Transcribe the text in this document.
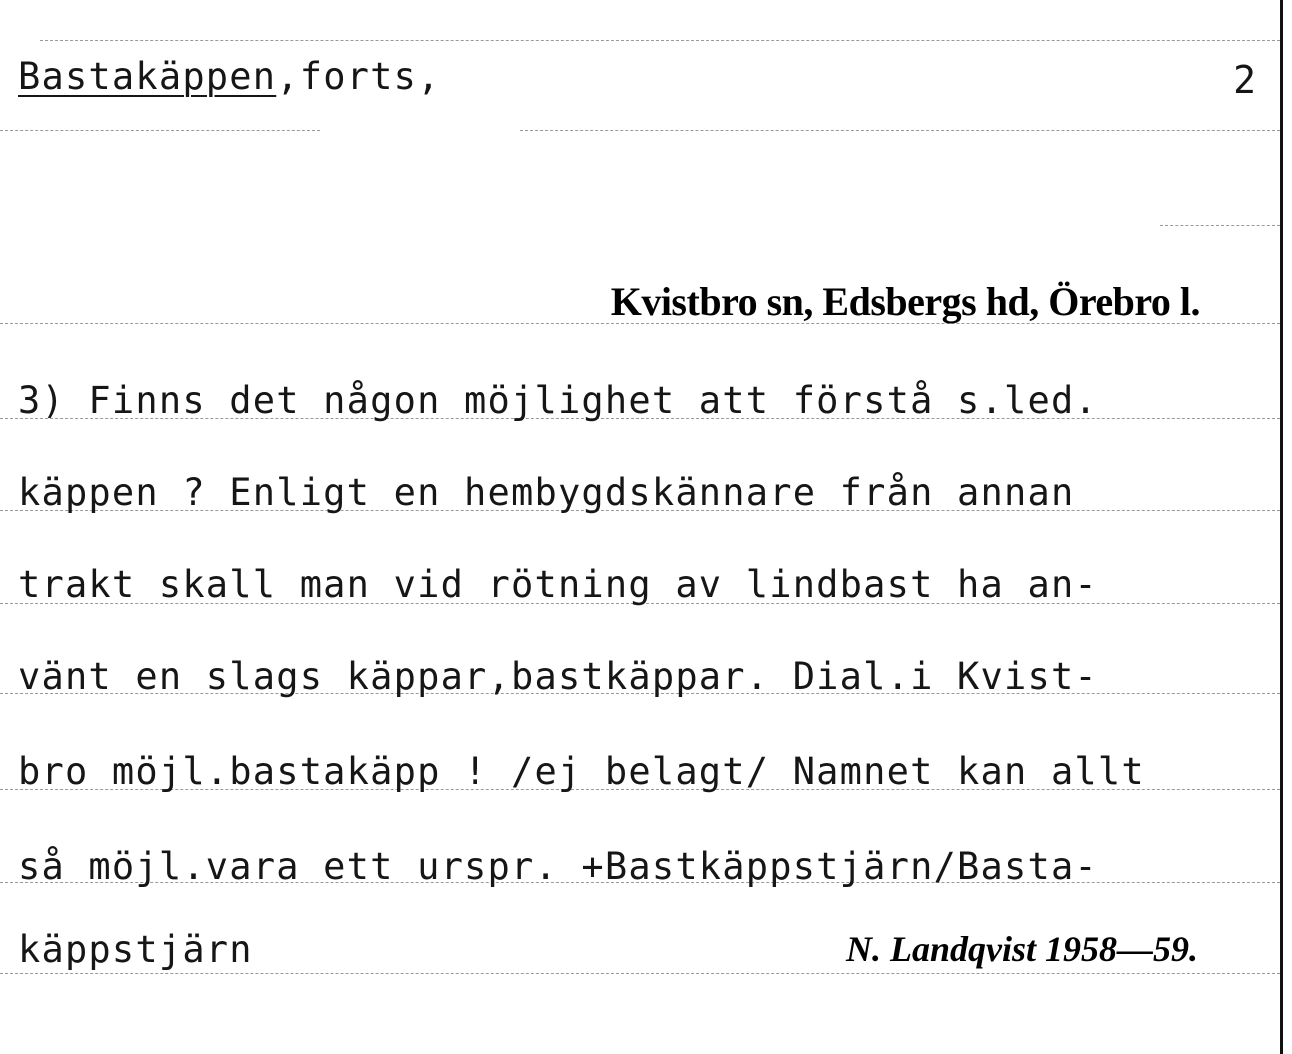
Bastakäppen,forts,	2
Kvistbro sn, Edsbergs hd, Örebro l.
3) Finns det någon möjlighet att förstå s.led.
käppen ? Enligt en hembygdskännare från annan
trakt skall man vid rötning av lindbast ha an-
vänt en slags käppar,bastkäppar. Dial.i Kvist-
bro möjl.bastakäpp ! /ej belagt/ Namnet kan allt
så möjl.vara ett urspr. +Bastkäppstjärn/Basta-
käppstjärn	N. Landqvist 1958—59.
